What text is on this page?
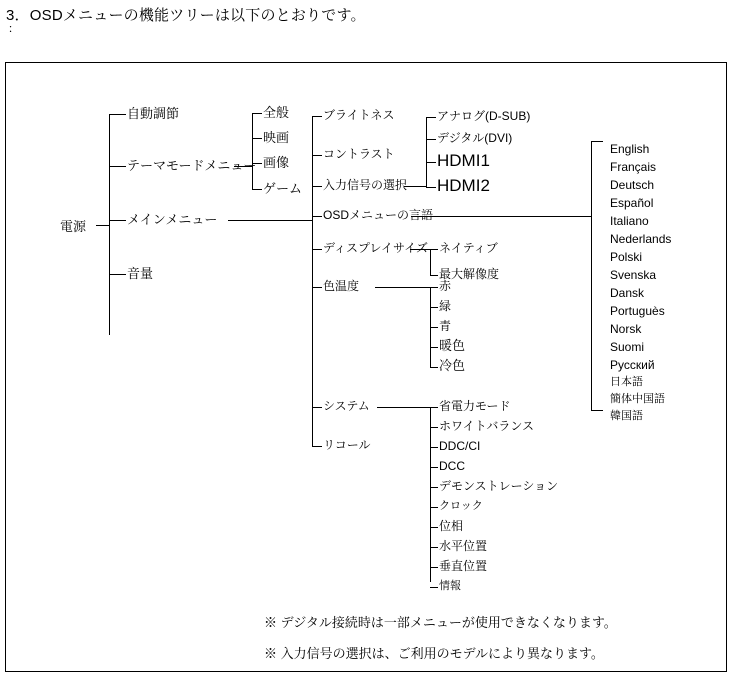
3．OSDメニューの機能ツリーは以下のとおりです。
：
電源
自動調節
テーマモードメニュー
メインメニュー
音量
全般
映画
画像
ゲーム
ブライトネス
コントラスト
入力信号の選択
OSDメニューの言語
ディスプレイサイズ
色温度
システム
リコール
アナログ(D-SUB)
デジタル(DVI)
HDMI1
HDMI2
English
Français
Deutsch
Español
Italiano
Nederlands
Polski
Svenska
Dansk
Portuguès
Norsk
Suomi
Русский
日本語
簡体中国語
韓国語
ネイティブ
最大解像度
赤
緑
青
暖色
冷色
省電力モード
ホワイトバランス
DDC/CI
DCC
デモンストレーション
クロック
位相
水平位置
垂直位置
情報
※ デジタル接続時は一部メニューが使用できなくなります。
※ 入力信号の選択は、ご利用のモデルにより異なります。
